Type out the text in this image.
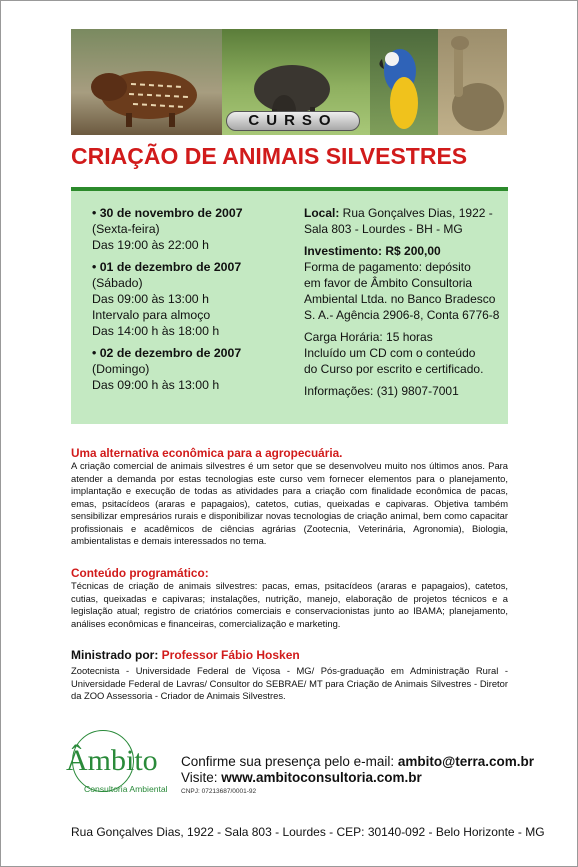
CURSO
CRIAÇÃO DE ANIMAIS SILVESTRES
• 30 de novembro de 2007
(Sexta-feira)
Das 19:00 às 22:00 h
• 01 de dezembro de 2007
(Sábado)
Das 09:00 às 13:00 h
Intervalo para almoço
Das 14:00 h às 18:00 h
• 02 de dezembro de 2007
(Domingo)
Das 09:00 h às 13:00 h
Local: Rua Gonçalves Dias, 1922 -
Sala 803 - Lourdes - BH - MG
Investimento: R$ 200,00
Forma de pagamento: depósito
em favor de Âmbito Consultoria
Ambiental Ltda. no Banco Bradesco
S. A.- Agência 2906-8, Conta 6776-8
Carga Horária: 15 horas
Incluído um CD com o conteúdo
do Curso por escrito e certificado.
Informações: (31) 9807-7001
Uma alternativa econômica para a agropecuária.
A criação comercial de animais silvestres é um setor que se desenvolveu muito nos últimos anos. Para atender a demanda por estas tecnologias este curso vem fornecer elementos para o planejamento, implantação e execução de todas as atividades para a criação com finalidade econômica de pacas, emas, psitacídeos (araras e papagaios), catetos, cutias, queixadas e capivaras. Objetiva também sensibilizar empresários rurais e disponibilizar novas tecnologias de criação animal, bem como capacitar profissionais e acadêmicos de ciências agrárias (Zootecnia, Veterinária, Agronomia), Biologia, ambientalistas e demais interessados no tema.
Conteúdo programático:
Técnicas de criação de animais silvestres: pacas, emas, psitacídeos (araras e papagaios), catetos, cutias, queixadas e capivaras; instalações, nutrição, manejo, elaboração de projetos técnicos e a legislação atual; registro de criatórios comerciais e conservacionistas junto ao IBAMA; planejamento, análises econômicas e financeiras, comercialização e marketing.
Ministrado por: Professor Fábio Hosken
Zootecnista - Universidade Federal de Viçosa - MG/ Pós-graduação em Administração Rural - Universidade Federal de Lavras/ Consultor do SEBRAE/ MT para Criação de Animais Silvestres - Diretor da ZOO Assessoria - Criador de Animais Silvestres.
Âmbito
Consultoria Ambiental
Confirme sua presença pelo e-mail: ambito@terra.com.br
Visite: www.ambitoconsultoria.com.br
CNPJ: 07213687/0001-92
Rua Gonçalves Dias, 1922 - Sala 803 - Lourdes - CEP: 30140-092 - Belo Horizonte - MG
